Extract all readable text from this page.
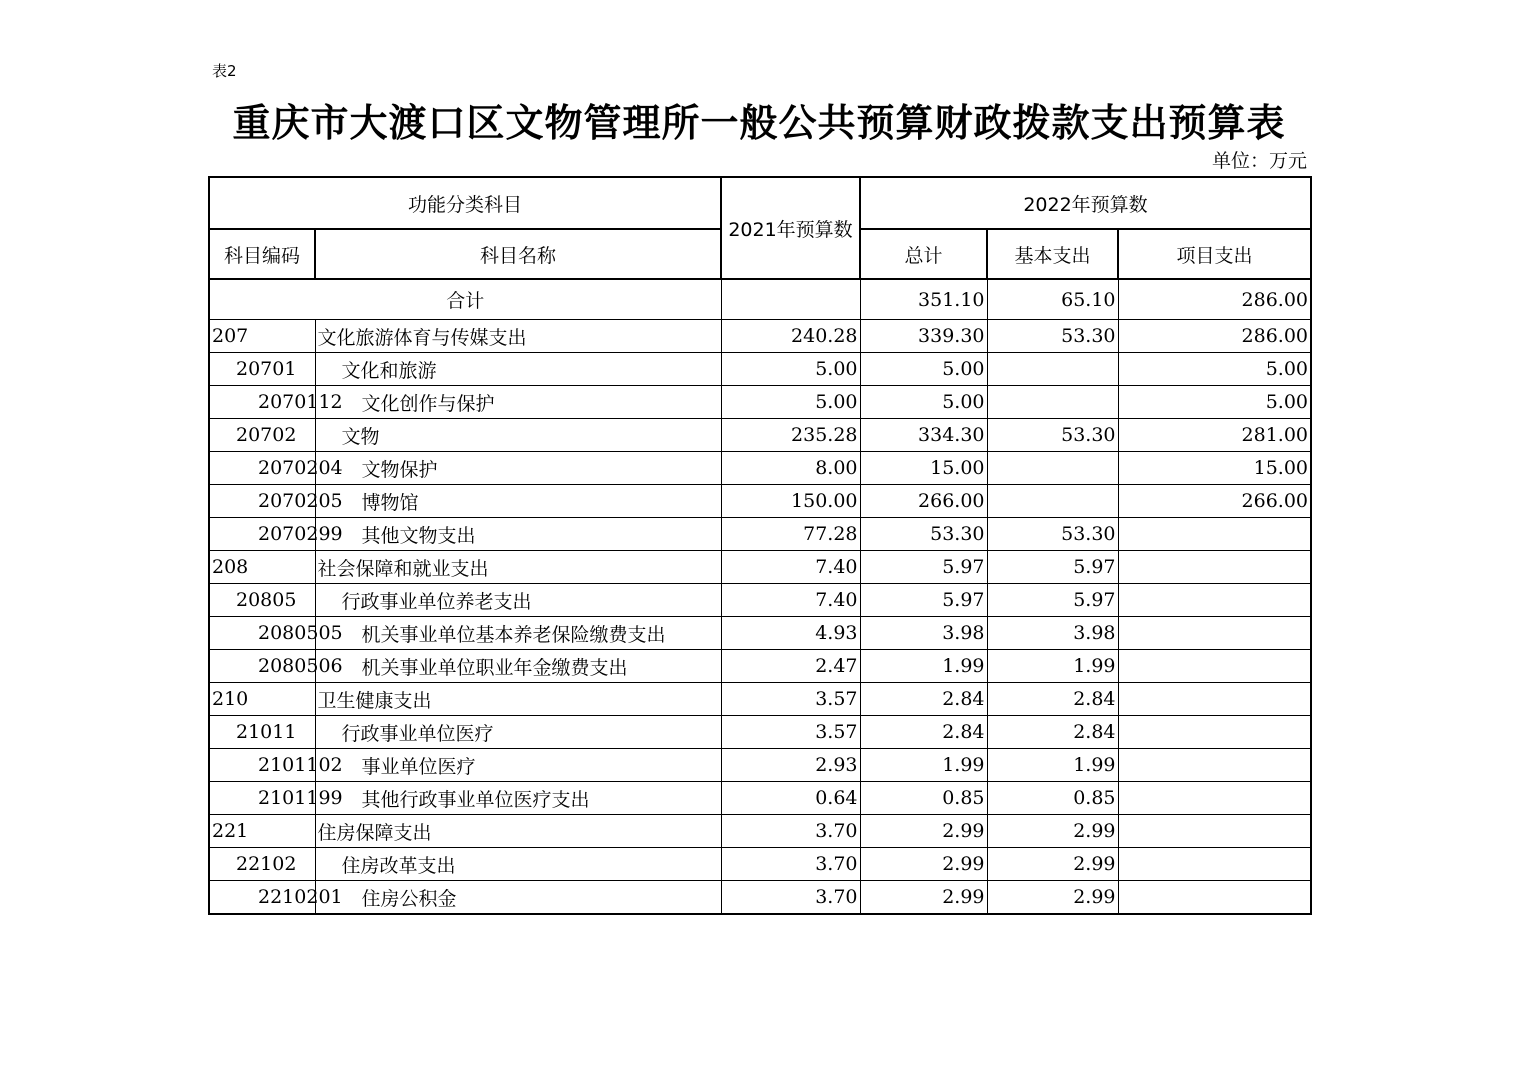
表2
重庆市大渡口区文物管理所一般公共预算财政拨款支出预算表
单位：万元
功能分类科目		2021年预算数	2022年预算数		
科目编码	科目名称		总计	基本支出	项目支出
合计			351.10	65.10	286.00
207	文化旅游体育与传媒支出	240.28	339.30	53.30	286.00
20701	文化和旅游	5.00	5.00		5.00
2070112	文化创作与保护	5.00	5.00		5.00
20702	文物	235.28	334.30	53.30	281.00
2070204	文物保护	8.00	15.00		15.00
2070205	博物馆	150.00	266.00		266.00
2070299	其他文物支出	77.28	53.30	53.30	
208	社会保障和就业支出	7.40	5.97	5.97	
20805	行政事业单位养老支出	7.40	5.97	5.97	
2080505	机关事业单位基本养老保险缴费支出	4.93	3.98	3.98	
2080506	机关事业单位职业年金缴费支出	2.47	1.99	1.99	
210	卫生健康支出	3.57	2.84	2.84	
21011	行政事业单位医疗	3.57	2.84	2.84	
2101102	事业单位医疗	2.93	1.99	1.99	
2101199	其他行政事业单位医疗支出	0.64	0.85	0.85	
221	住房保障支出	3.70	2.99	2.99	
22102	住房改革支出	3.70	2.99	2.99	
2210201	住房公积金	3.70	2.99	2.99	
